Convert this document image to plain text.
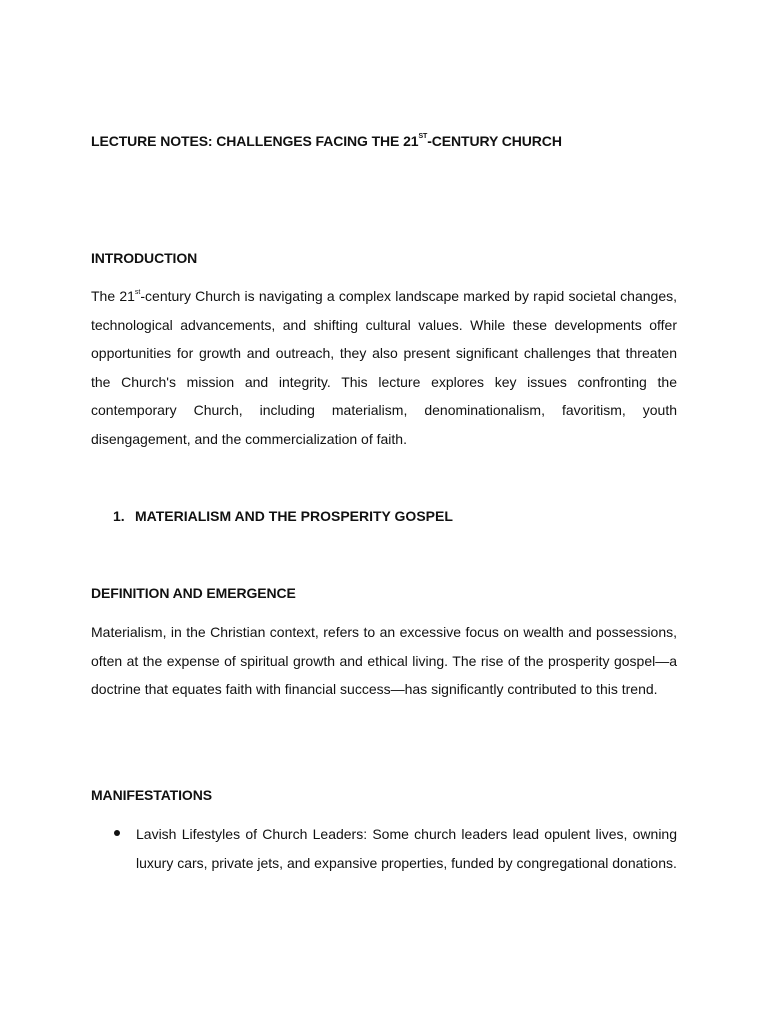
LECTURE NOTES: CHALLENGES FACING THE 21ST-CENTURY CHURCH
INTRODUCTION

The 21st-century Church is navigating a complex landscape marked by rapid societal changes, technological advancements, and shifting cultural values. While these developments offer opportunities for growth and outreach, they also present significant challenges that threaten the Church's mission and integrity. This lecture explores key issues confronting the contemporary Church, including materialism, denominationalism, favoritism, youth disengagement, and the commercialization of faith.

1. MATERIALISM AND THE PROSPERITY GOSPEL
DEFINITION AND EMERGENCE

Materialism, in the Christian context, refers to an excessive focus on wealth and possessions, often at the expense of spiritual growth and ethical living. The rise of the prosperity gospel—a doctrine that equates faith with financial success—has significantly contributed to this trend.

MANIFESTATIONS
Lavish Lifestyles of Church Leaders: Some church leaders lead opulent lives, owning luxury cars, private jets, and expansive properties, funded by congregational donations.
